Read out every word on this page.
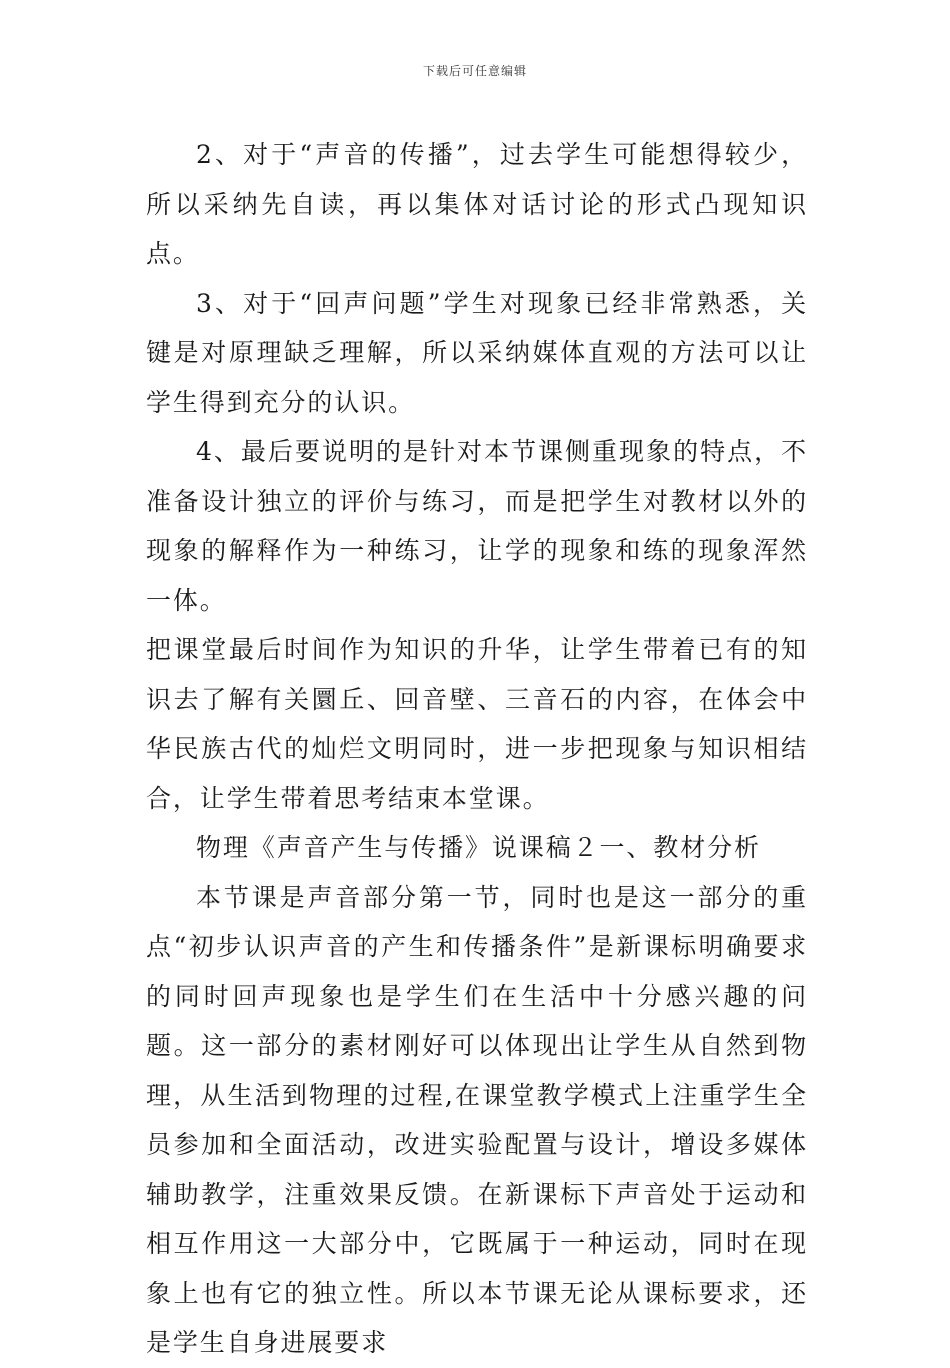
下载后可任意编辑

2、对于“声音的传播”，过去学生可能想得较少，所以采纳先自读，再以集体对话讨论的形式凸现知识点。

3、对于“回声问题”学生对现象已经非常熟悉，关键是对原理缺乏理解，所以采纳媒体直观的方法可以让学生得到充分的认识。

4、最后要说明的是针对本节课侧重现象的特点，不准备设计独立的评价与练习，而是把学生对教材以外的现象的解释作为一种练习，让学的现象和练的现象浑然一体。

把课堂最后时间作为知识的升华，让学生带着已有的知识去了解有关圜丘、回音壁、三音石的内容，在体会中华民族古代的灿烂文明同时，进一步把现象与知识相结合，让学生带着思考结束本堂课。

物理《声音产生与传播》说课稿２一、教材分析

本节课是声音部分第一节，同时也是这一部分的重点“初步认识声音的产生和传播条件”是新课标明确要求的同时回声现象也是学生们在生活中十分感兴趣的问题。这一部分的素材刚好可以体现出让学生从自然到物理，从生活到物理的过程,在课堂教学模式上注重学生全员参加和全面活动，改进实验配置与设计，增设多媒体辅助教学，注重效果反馈。在新课标下声音处于运动和相互作用这一大部分中，它既属于一种运动，同时在现象上也有它的独立性。所以本节课无论从课标要求，还是学生自身进展要求
